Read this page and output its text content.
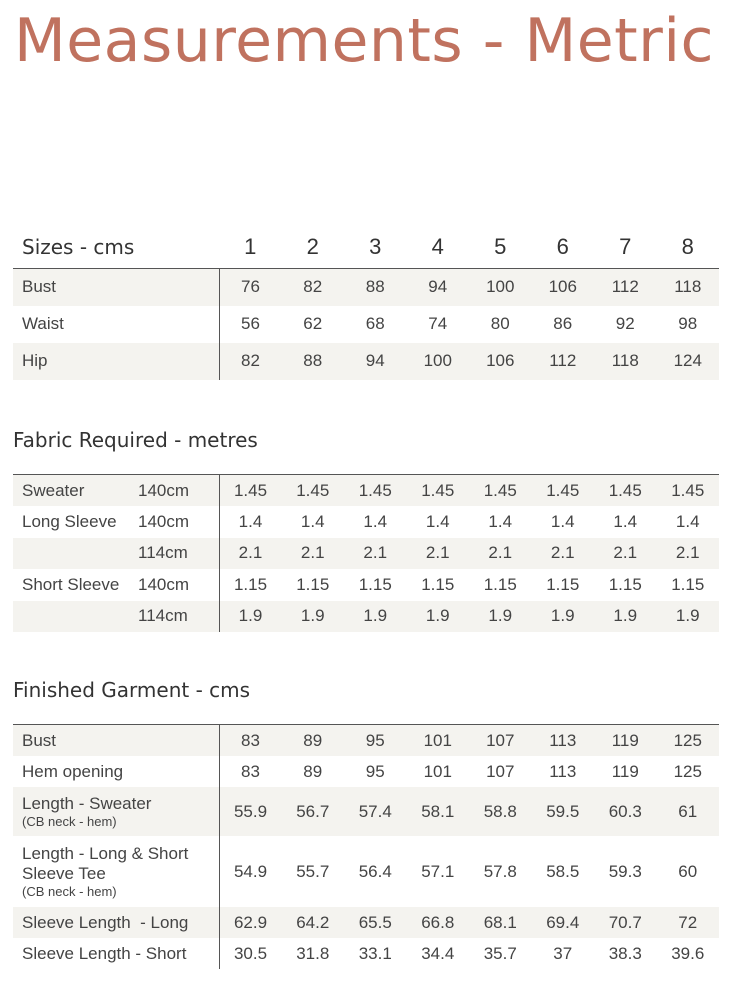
Measurements - Metric
Sizes - cms	1	2	3	4	5	6	7	8
Bust	76	82	88	94	100	106	112	118
Waist	56	62	68	74	80	86	92	98
Hip	82	88	94	100	106	112	118	124
Fabric Required - metres
Sweater	140cm	1.45	1.45	1.45	1.45	1.45	1.45	1.45	1.45
Long Sleeve	140cm	1.4	1.4	1.4	1.4	1.4	1.4	1.4	1.4
	114cm	2.1	2.1	2.1	2.1	2.1	2.1	2.1	2.1
Short Sleeve	140cm	1.15	1.15	1.15	1.15	1.15	1.15	1.15	1.15
	114cm	1.9	1.9	1.9	1.9	1.9	1.9	1.9	1.9
Finished Garment - cms
Bust	83	89	95	101	107	113	119	125
Hem opening	83	89	95	101	107	113	119	125
Length - Sweater
(CB neck - hem)	55.9	56.7	57.4	58.1	58.8	59.5	60.3	61

Length - Long & Short Sleeve Tee
(CB neck - hem)	54.9	55.7	56.4	57.1	57.8	58.5	59.3	60
Sleeve Length  - Long	62.9	64.2	65.5	66.8	68.1	69.4	70.7	72
Sleeve Length - Short	30.5	31.8	33.1	34.4	35.7	37	38.3	39.6
